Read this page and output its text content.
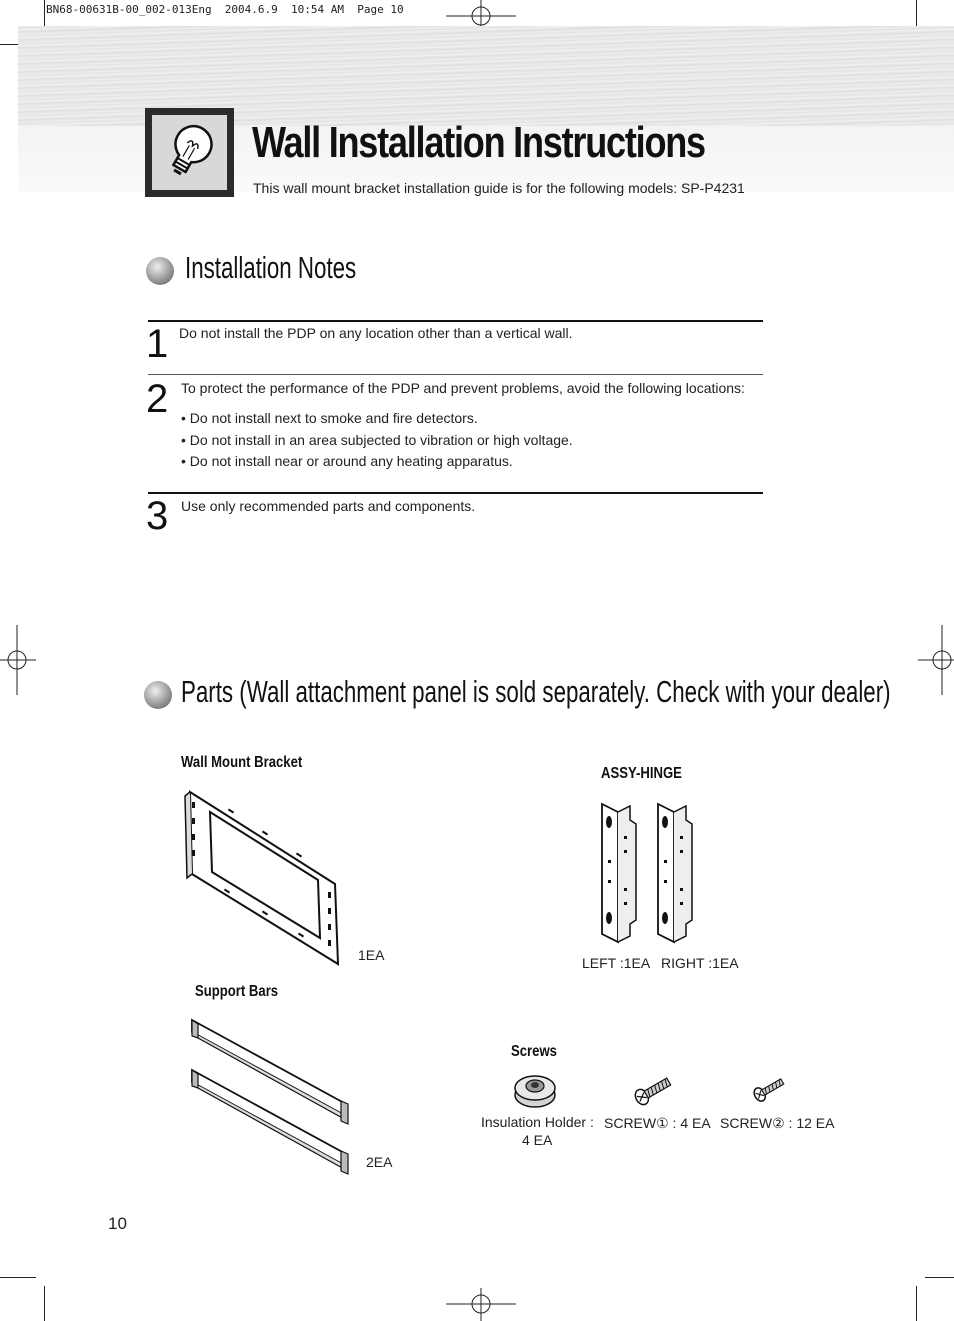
BN68-00631B-00_002-013Eng  2004.6.9  10:54 AM  Page 10
Wall Installation Instructions
This wall mount bracket installation guide is for the following models: SP-P4231
Installation Notes
1 Do not install the PDP on any location other than a vertical wall.
2 To protect the performance of the PDP and prevent problems, avoid the following locations:
• Do not install next to smoke and fire detectors.
• Do not install in an area subjected to vibration or high voltage.
• Do not install near or around any heating apparatus.
3 Use only recommended parts and components.
Parts (Wall attachment panel is sold separately. Check with your dealer)
Wall Mount Bracket
1EA
ASSY-HINGE
LEFT :1EA RIGHT :1EA
Support Bars
2EA
Screws
Insulation Holder :
4 EA
SCREW① : 4 EA SCREW② : 12 EA
10
